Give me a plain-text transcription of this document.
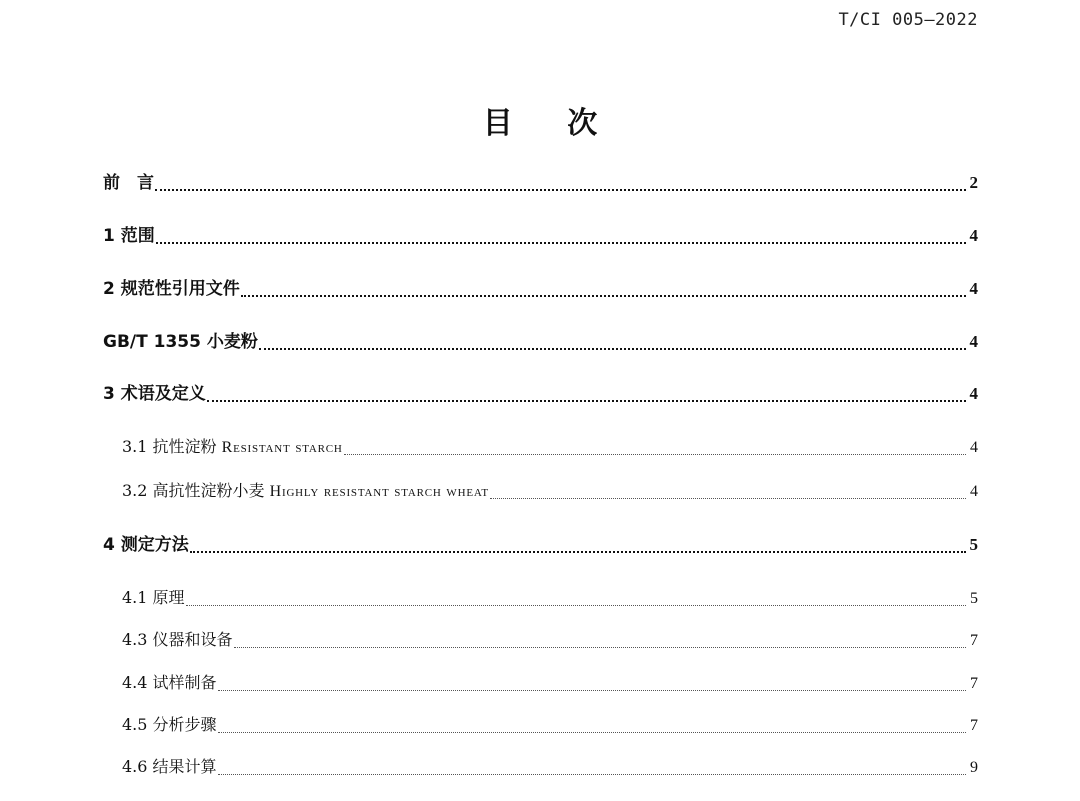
T/CI 005—2022
目 次
前　言	2
1 范围	4
2 规范性引用文件	4
GB/T 1355 小麦粉	4
3 术语及定义	4
3.1 抗性淀粉 Resistant starch	4
3.2 高抗性淀粉小麦 Highly resistant starch wheat	4
4 测定方法	5
4.1 原理	5
4.3 仪器和设备	7
4.4 试样制备	7
4.5 分析步骤	7
4.6 结果计算	9
